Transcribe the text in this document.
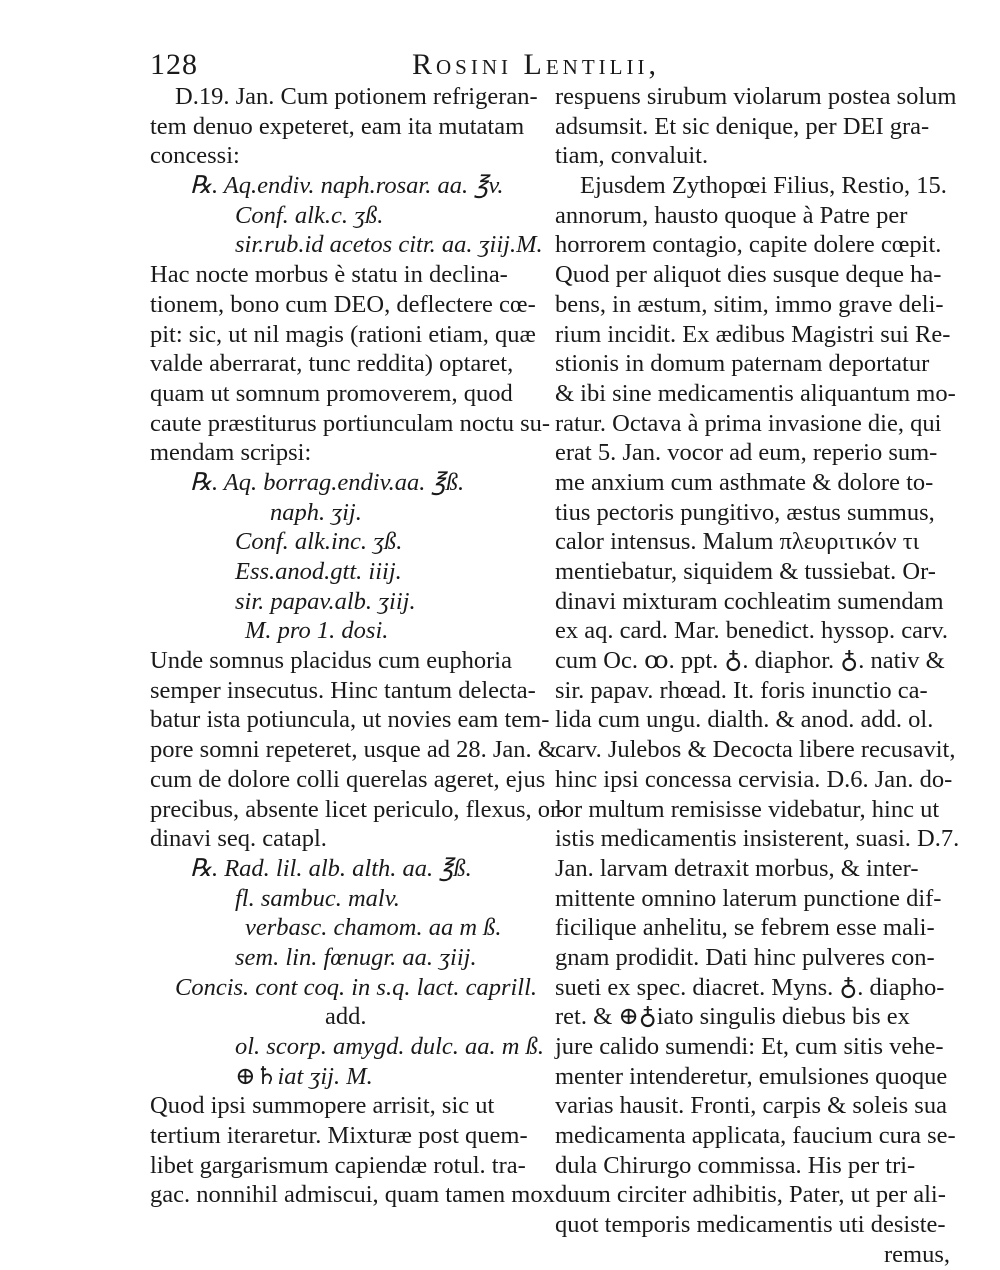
128	Rosini Lentilii,
D.19. Jan. Cum potionem refrigeran-
tem denuo expeteret, eam ita mutatam
concessi:
℞. Aq.endiv. naph.rosar. aa. ℥v.
Conf. alk.c. ʒß.
sir.rub.id acetos citr. aa. ʒiij.M.
Hac nocte morbus è statu in declina-
tionem, bono cum DEO, deflectere cœ-
pit: sic, ut nil magis (rationi etiam, quæ
valde aberrarat, tunc reddita) optaret,
quam ut somnum promoverem, quod
caute præstiturus portiunculam noctu su-
mendam scripsi:
℞. Aq. borrag.endiv.aa. ℥ß.
naph. ʒij.
Conf. alk.inc. ʒß.
Ess.anod.gtt. iiij.
sir. papav.alb. ʒiij.
M. pro 1. dosi.
Unde somnus placidus cum euphoria
semper insecutus. Hinc tantum delecta-
batur ista potiuncula, ut novies eam tem-
pore somni repeteret, usque ad 28. Jan. &
cum de dolore colli querelas ageret, ejus
precibus, absente licet periculo, flexus, or-
dinavi seq. catapl.
℞. Rad. lil. alb. alth. aa. ℥ß.
fl. sambuc. malv.
verbasc. chamom. aa m ß.
sem. lin. fœnugr. aa. ʒiij.
Concis. cont coq. in s.q. lact. caprill.
add.
ol. scorp. amygd. dulc. aa. m ß.
⊕♄iat ʒij. M.
Quod ipsi summopere arrisit, sic ut
tertium iteraretur. Mixturæ post quem-
libet gargarismum capiendæ rotul. tra-
gac. nonnihil admiscui, quam tamen mox
respuens sirubum violarum postea solum
adsumsit. Et sic denique, per DEI gra-
tiam, convaluit.
Ejusdem Zythopœi Filius, Restio, 15.
annorum, hausto quoque à Patre per
horrorem contagio, capite dolere cœpit.
Quod per aliquot dies susque deque ha-
bens, in æstum, sitim, immo grave deli-
rium incidit. Ex ædibus Magistri sui Re-
stionis in domum paternam deportatur
& ibi sine medicamentis aliquantum mo-
ratur. Octava à prima invasione die, qui
erat 5. Jan. vocor ad eum, reperio sum-
me anxium cum asthmate & dolore to-
tius pectoris pungitivo, æstus summus,
calor intensus. Malum πλευριτικόν τι
mentiebatur, siquidem & tussiebat. Or-
dinavi mixturam cochleatim sumendam
ex aq. card. Mar. benedict. hyssop. carv.
cum Oc. ꝏ. ppt. ♁. diaphor. ♁. nativ &
sir. papav. rhœad. It. foris inunctio ca-
lida cum ungu. dialth. & anod. add. ol.
carv. Julebos & Decocta libere recusavit,
hinc ipsi concessa cervisia. D.6. Jan. do-
lor multum remisisse videbatur, hinc ut
istis medicamentis insisterent, suasi. D.7.
Jan. larvam detraxit morbus, & inter-
mittente omnino laterum punctione dif-
ficilique anhelitu, se febrem esse mali-
gnam prodidit. Dati hinc pulveres con-
sueti ex spec. diacret. Myns. ♁. diapho-
ret. & ⊕♁iato singulis diebus bis ex
jure calido sumendi: Et, cum sitis vehe-
menter intenderetur, emulsiones quoque
varias hausit. Fronti, carpis & soleis sua
medicamenta applicata, faucium cura se-
dula Chirurgo commissa. His per tri-
duum circiter adhibitis, Pater, ut per ali-
quot temporis medicamentis uti desiste-
remus,
